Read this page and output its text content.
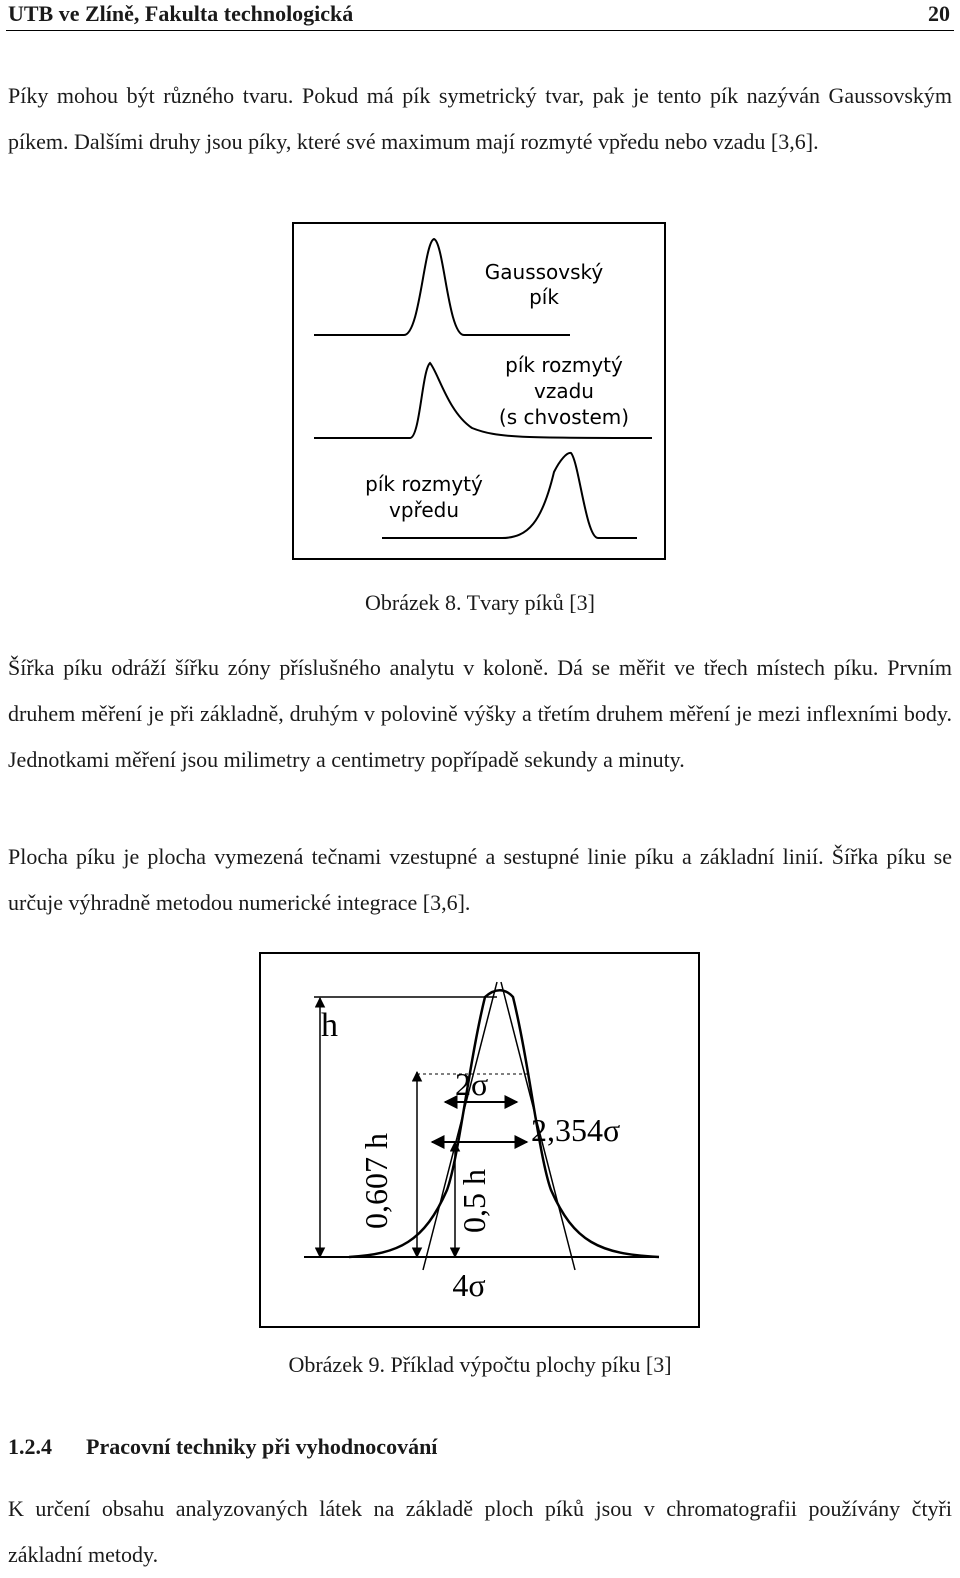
UTB ve Zlíně, Fakulta technologická	20

Píky mohou být různého tvaru. Pokud má pík symetrický tvar, pak je tento pík nazýván Gaussovským píkem. Dalšími druhy jsou píky, které své maximum mají rozmyté vpředu nebo vzadu [3,6].

Gaussovský
pík
pík rozmytý
vzadu
(s chvostem)
pík rozmytý
vpředu

Obrázek 8. Tvary píků [3]

Šířka píku odráží šířku zóny příslušného analytu v koloně. Dá se měřit ve třech místech píku. Prvním druhem měření je při základně, druhým v polovině výšky a třetím druhem měření je mezi inflexními body. Jednotkami měření jsou milimetry a centimetry popřípadě sekundy a minuty.

Plocha píku je plocha vymezená tečnami vzestupné a sestupné linie píku a základní linií. Šířka píku se určuje výhradně metodou numerické integrace [3,6].

h
2σ
2,354σ
0,607 h 0,5 h
4σ

Obrázek 9. Příklad výpočtu plochy píku [3]

1.2.4 Pracovní techniky při vyhodnocování

K určení obsahu analyzovaných látek na základě ploch píků jsou v chromatografii používány čtyři základní metody.
